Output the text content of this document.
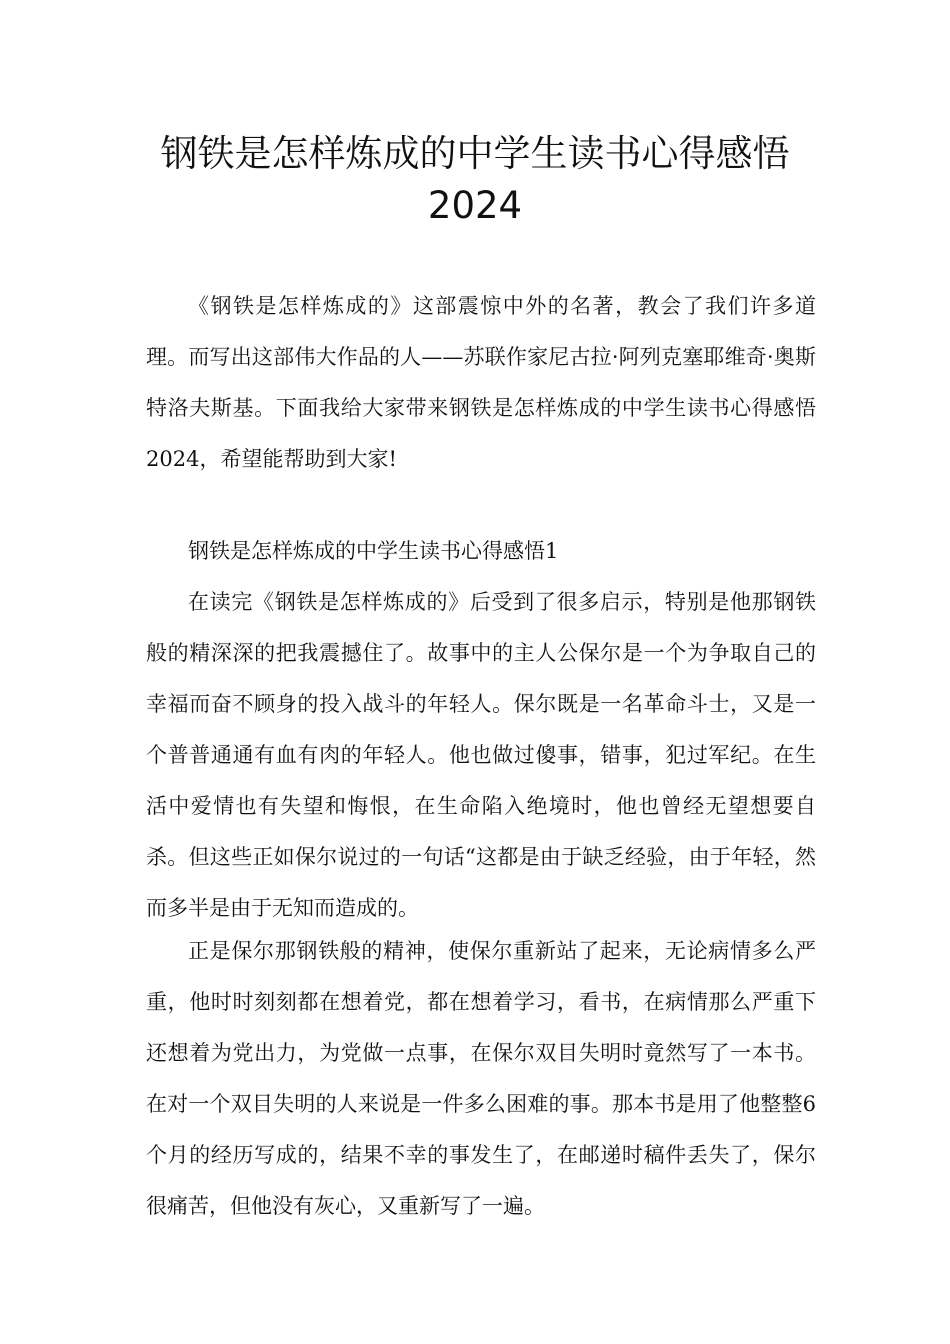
钢铁是怎样炼成的中学生读书心得感悟
2024

《钢铁是怎样炼成的》这部震惊中外的名著，教会了我们许多道理。而写出这部伟大作品的人——苏联作家尼古拉·阿列克塞耶维奇·奥斯特洛夫斯基。下面我给大家带来钢铁是怎样炼成的中学生读书心得感悟2024，希望能帮助到大家!

钢铁是怎样炼成的中学生读书心得感悟1

在读完《钢铁是怎样炼成的》后受到了很多启示，特别是他那钢铁般的精深深的把我震撼住了。故事中的主人公保尔是一个为争取自己的幸福而奋不顾身的投入战斗的年轻人。保尔既是一名革命斗士，又是一个普普通通有血有肉的年轻人。他也做过傻事，错事，犯过军纪。在生活中爱情也有失望和悔恨，在生命陷入绝境时，他也曾经无望想要自杀。但这些正如保尔说过的一句话“这都是由于缺乏经验，由于年轻，然而多半是由于无知而造成的。

正是保尔那钢铁般的精神，使保尔重新站了起来，无论病情多么严重，他时时刻刻都在想着党，都在想着学习，看书，在病情那么严重下还想着为党出力，为党做一点事，在保尔双目失明时竟然写了一本书。在对一个双目失明的人来说是一件多么困难的事。那本书是用了他整整6个月的经历写成的，结果不幸的事发生了，在邮递时稿件丢失了，保尔很痛苦，但他没有灰心，又重新写了一遍。
